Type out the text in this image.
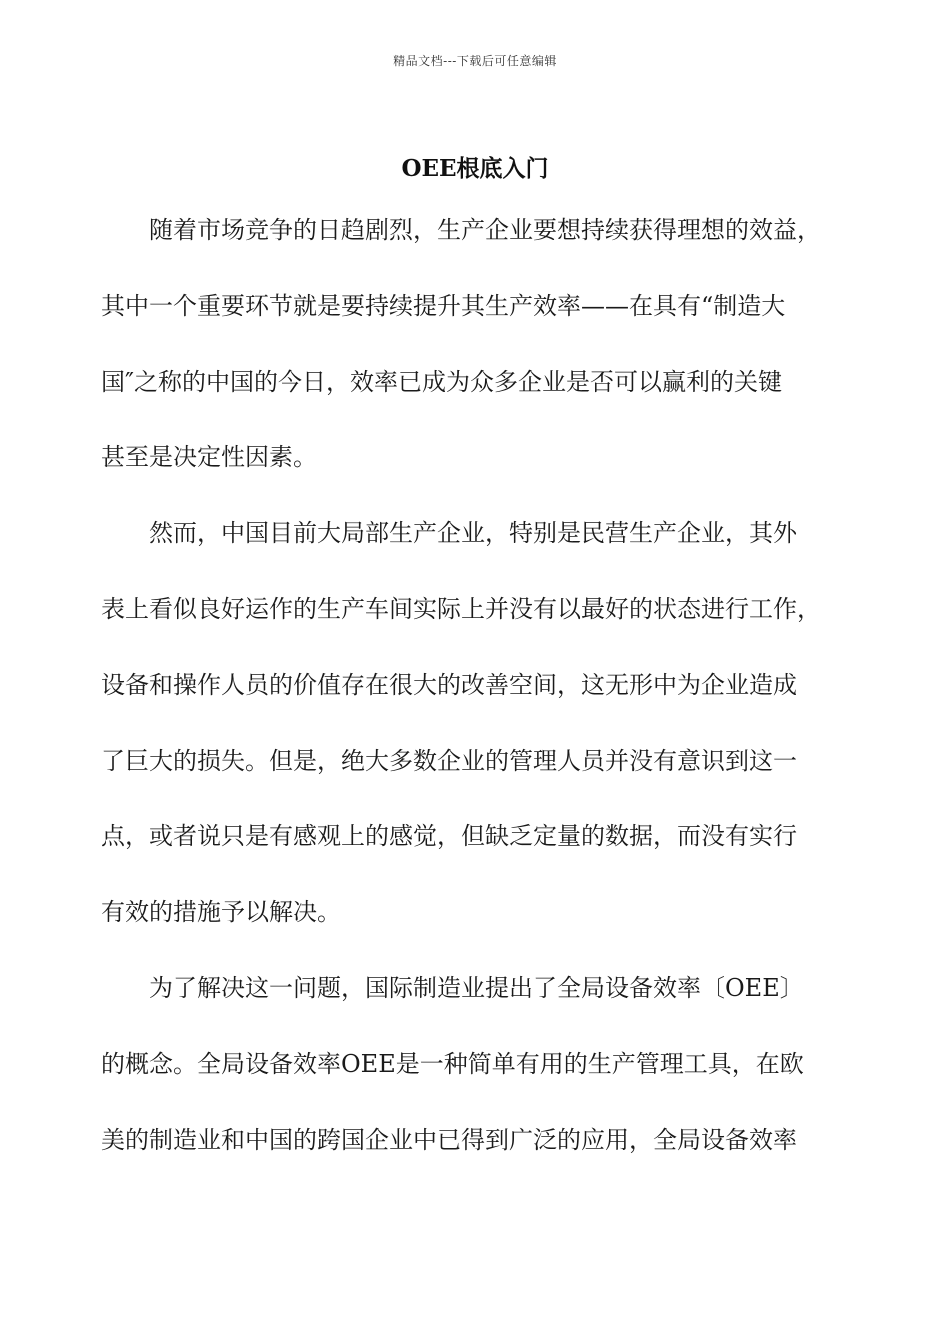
精品文档---下载后可任意编辑
OEE根底入门
随着市场竞争的日趋剧烈，生产企业要想持续获得理想的效益，
其中一个重要环节就是要持续提升其生产效率——在具有“制造大
国″之称的中国的今日，效率已成为众多企业是否可以赢利的关键
甚至是决定性因素。
然而，中国目前大局部生产企业，特别是民营生产企业，其外
表上看似良好运作的生产车间实际上并没有以最好的状态进行工作，
设备和操作人员的价值存在很大的改善空间，这无形中为企业造成
了巨大的损失。但是，绝大多数企业的管理人员并没有意识到这一
点，或者说只是有感观上的感觉，但缺乏定量的数据，而没有实行
有效的措施予以解决。
为了解决这一问题，国际制造业提出了全局设备效率〔OEE〕
的概念。全局设备效率OEE是一种简单有用的生产管理工具，在欧
美的制造业和中国的跨国企业中已得到广泛的应用，全局设备效率
